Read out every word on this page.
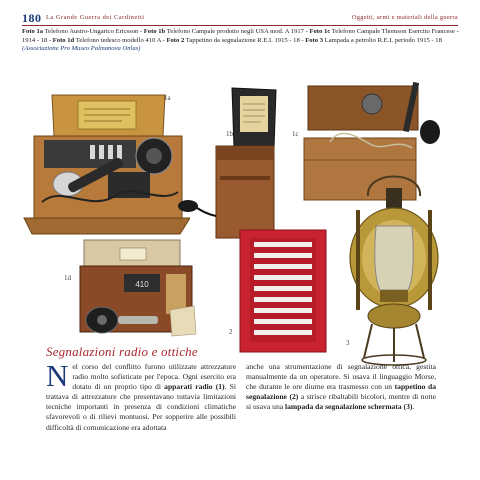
180 La Grande Guerra dei Cardinetti	Oggetti, armi e materiali della guerra
Foto 1a Telefono Austro-Ungarico Ericsson - Foto 1b Telefono Campale prodotto negli USA mod. A 1917 - Foto 1c Telefono Campale Thomson Esercito Francese - 1914 - 18 - Foto 1d Telefono tedesco modello 410 A - Foto 2 Tappetino da segnalazione R.E.I. 1915 - 18 - Foto 3 Lampada a petrolio R.E.I. periodo 1915 - 18 (Associazione Pro Museo Palmanova Onlus)
1a
1b	1c
410
1d
2
3
Segnalazioni radio e ottiche
Nel corso del conflitto furono utilizzate attrezzature radio molto sofisticate per l'epoca. Ogni esercito era dotato di un proprio tipo di apparati radio (1). Si trattava di attrezzature che presentavano tuttavia limitazioni tecniche importanti in presenza di condizioni climatiche sfavorevoli o di rilievi montuosi. Per sopperire alle possibili difficoltà di comunicazione era adottata
anche una strumentazione di segnalazione ottica, gestita manualmente da un operatore. Si usava il linguaggio Morse, che durante le ore diurne era trasmesso con un tappetino da segnalazione (2) a strisce ribaltabili bicolori, mentre di notte si usava una lampada da segnalazione schermata (3).
